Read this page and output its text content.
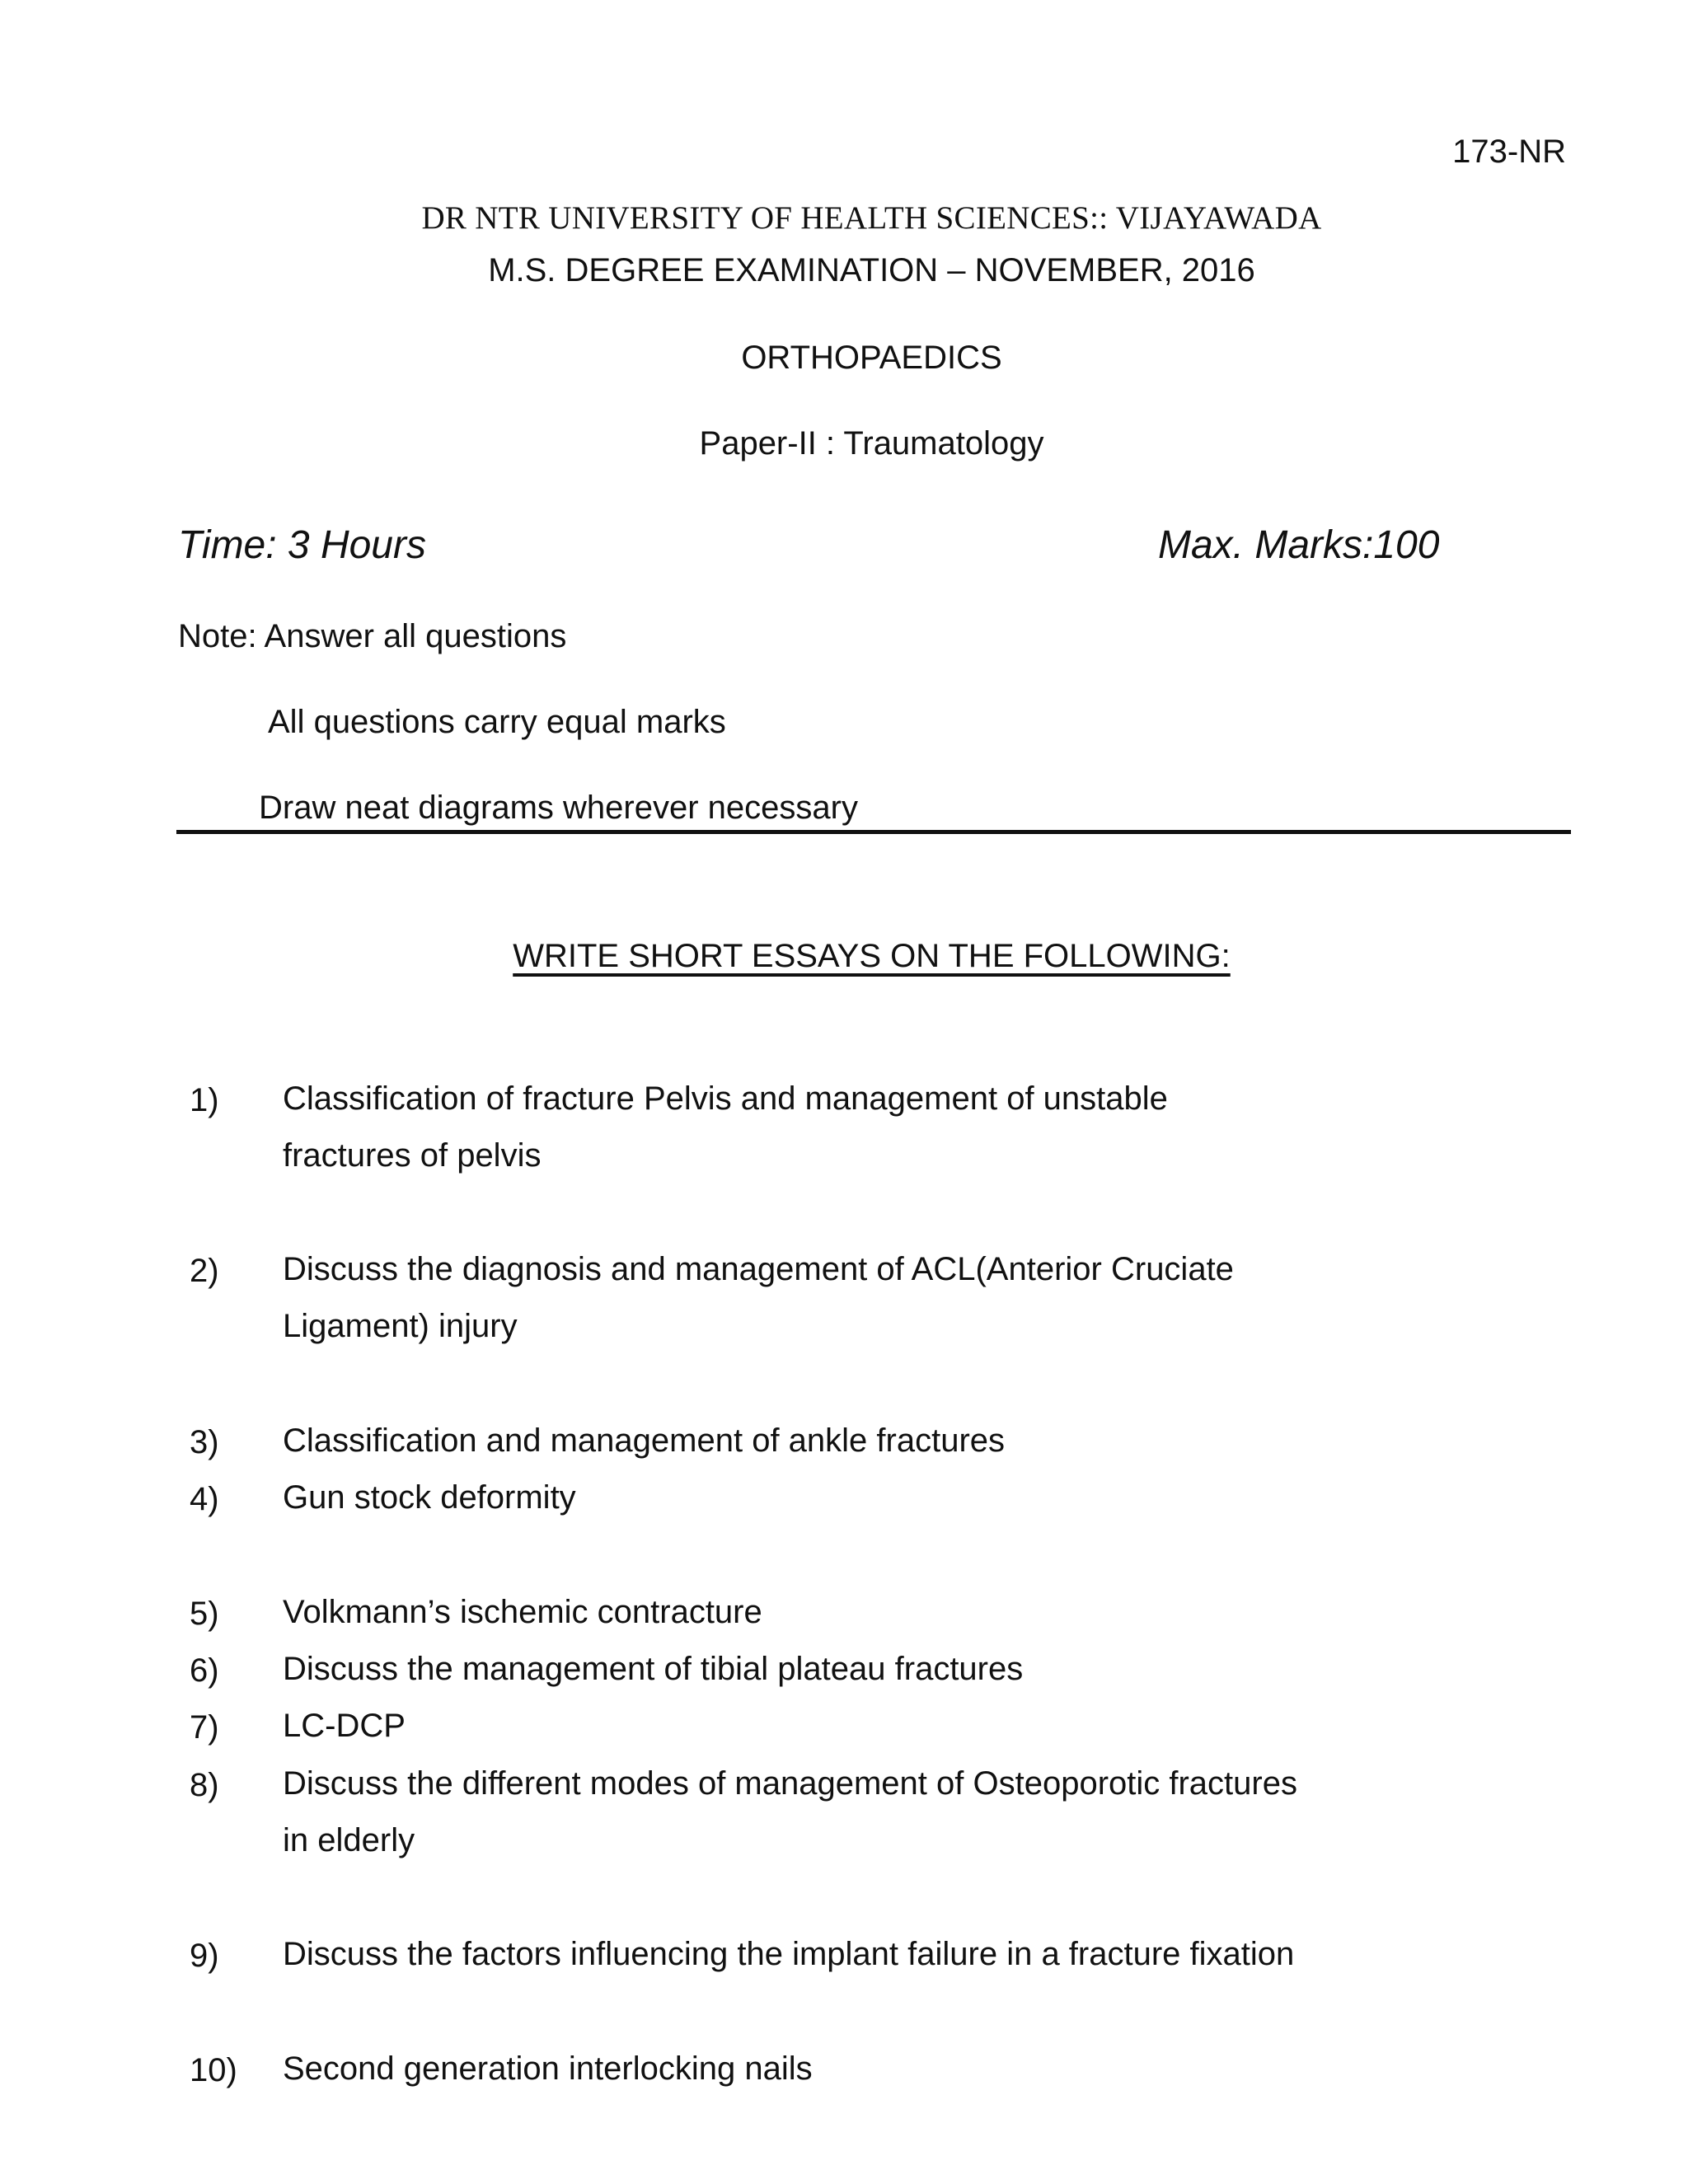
173-NR
DR NTR UNIVERSITY OF HEALTH SCIENCES:: VIJAYAWADA
M.S. DEGREE EXAMINATION – NOVEMBER, 2016
ORTHOPAEDICS
Paper-II : Traumatology
Time: 3 Hours	Max. Marks:100
Note: Answer all questions
All questions carry equal marks
Draw neat diagrams wherever necessary
WRITE SHORT ESSAYS ON THE FOLLOWING:
1) Classification of fracture Pelvis and management of unstable
fractures of pelvis
2) Discuss the diagnosis and management of ACL(Anterior Cruciate
Ligament) injury
3) Classification and management of ankle fractures
4) Gun stock deformity
5) Volkmann’s ischemic contracture
6) Discuss the management of tibial plateau fractures
7) LC-DCP
8) Discuss the different modes of management of Osteoporotic fractures
in elderly
9) Discuss the factors influencing the implant failure in a fracture fixation
10) Second generation interlocking nails
